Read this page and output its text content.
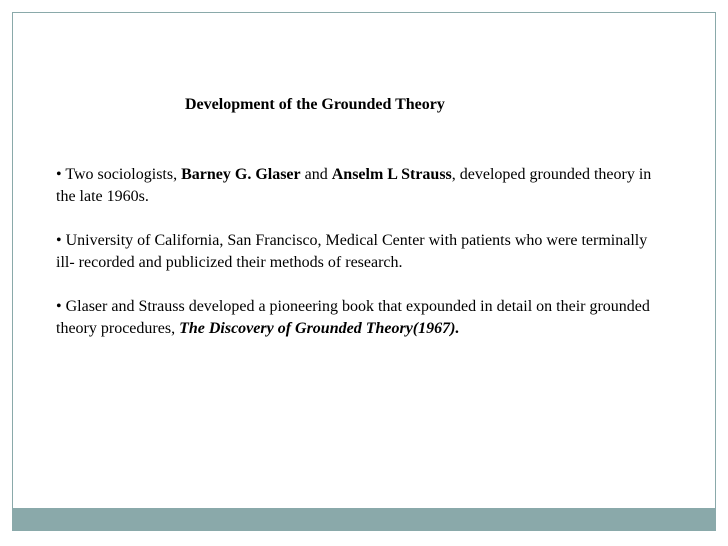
Development of the Grounded Theory

• Two sociologists, Barney G. Glaser and Anselm L Strauss, developed grounded theory in the late 1960s.

• University of California, San Francisco, Medical Center with patients who were terminally ill- recorded and publicized their methods of research.

• Glaser and Strauss developed a pioneering book that expounded in detail on their grounded theory procedures, The Discovery of Grounded Theory(1967).
